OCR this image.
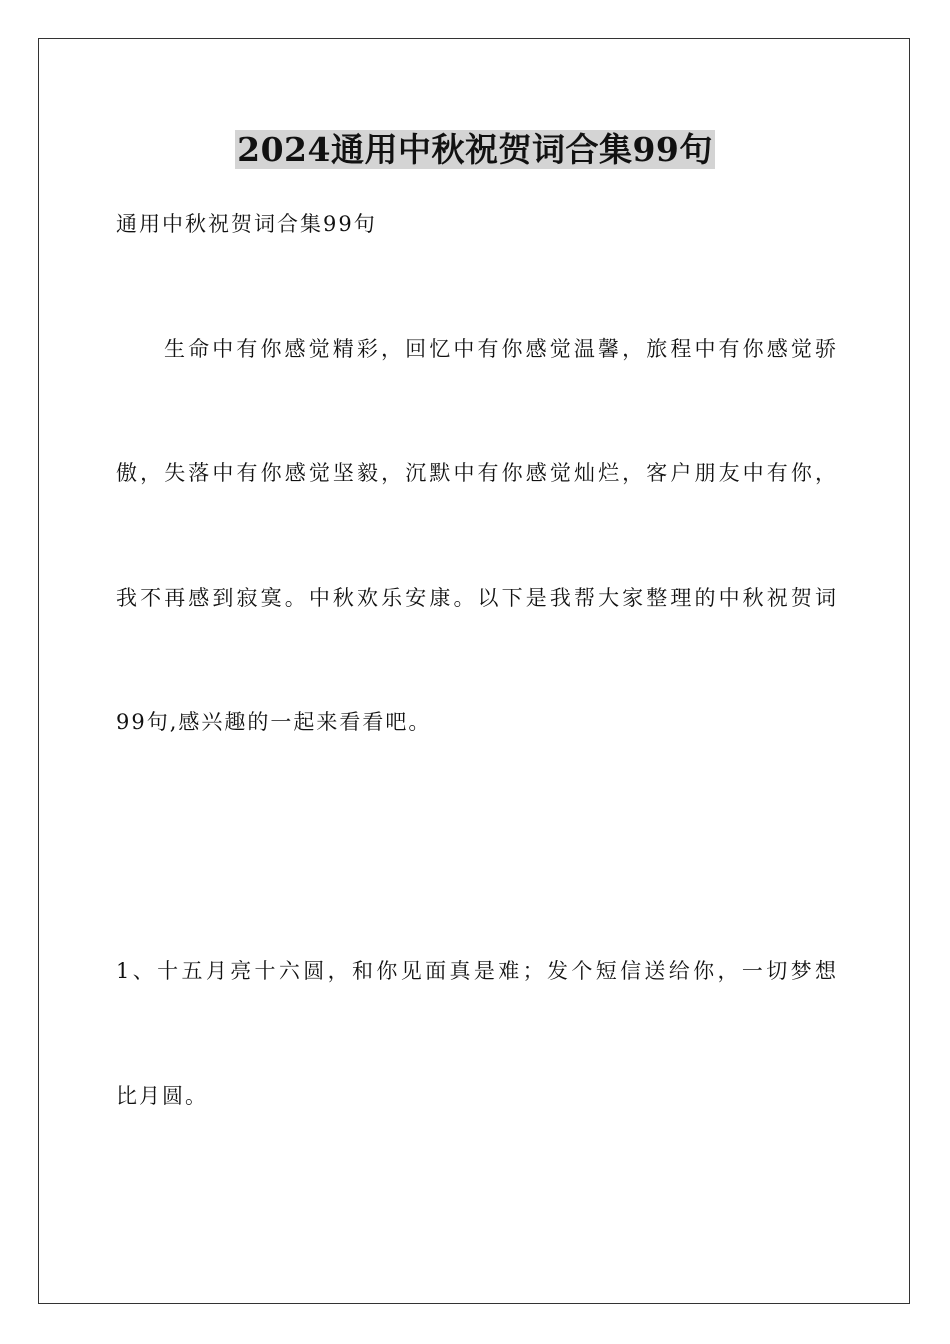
2024通用中秋祝贺词合集99句
通用中秋祝贺词合集99句
生命中有你感觉精彩，回忆中有你感觉温馨，旅程中有你感觉骄
傲，失落中有你感觉坚毅，沉默中有你感觉灿烂，客户朋友中有你，
我不再感到寂寞。中秋欢乐安康。以下是我帮大家整理的中秋祝贺词
99句,感兴趣的一起来看看吧。
1、十五月亮十六圆，和你见面真是难；发个短信送给你，一切梦想
比月圆。
